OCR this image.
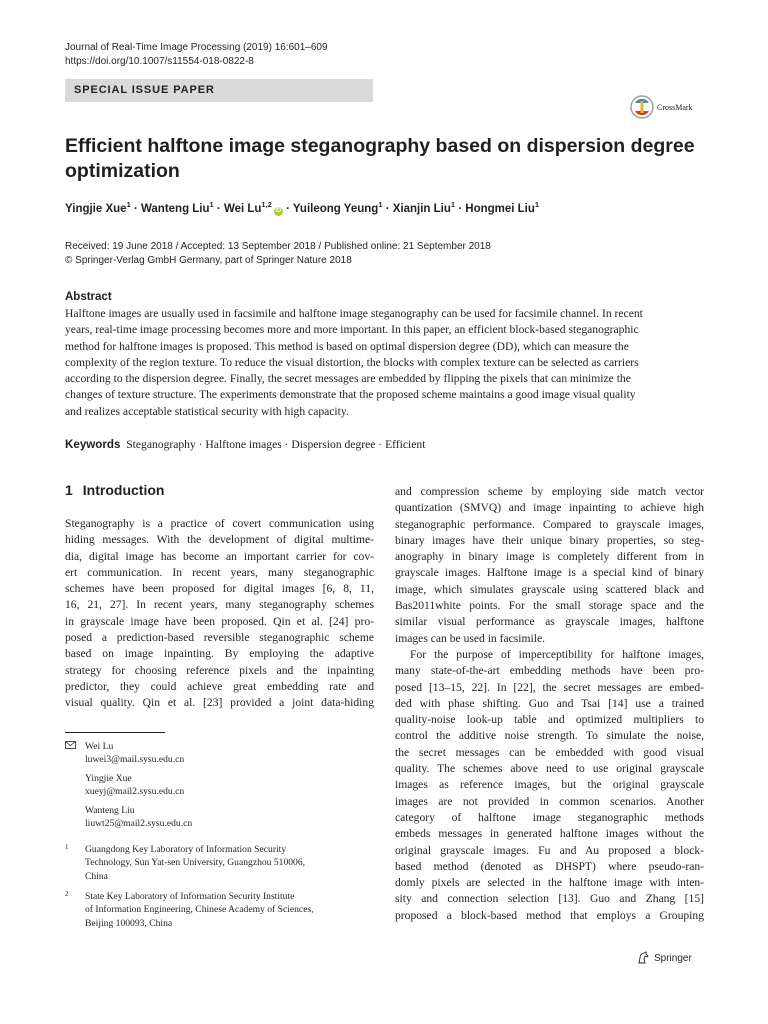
Journal of Real-Time Image Processing (2019) 16:601–609
https://doi.org/10.1007/s11554-018-0822-8
SPECIAL ISSUE PAPER
CrossMark
Efficient halftone image steganography based on dispersion degree
optimization
Yingjie Xue$^1$ · Wanteng Liu$^1$ · Wei Lu$^{1,2}$iD · Yuileong Yeung$^1$ · Xianjin Liu$^1$ · Hongmei Liu$^1$
Received: 19 June 2018 / Accepted: 13 September 2018 / Published online: 21 September 2018
© Springer-Verlag GmbH Germany, part of Springer Nature 2018
Abstract

Halftone images are usually used in facsimile and halftone image steganography can be used for facsimile channel. In recent

years, real-time image processing becomes more and more important. In this paper, an efficient block-based steganographic

method for halftone images is proposed. This method is based on optimal dispersion degree (DD), which can measure the

complexity of the region texture. To reduce the visual distortion, the blocks with complex texture can be selected as carriers

according to the dispersion degree. Finally, the secret messages are embedded by flipping the pixels that can minimize the

changes of texture structure. The experiments demonstrate that the proposed scheme maintains a good image visual quality

and realizes acceptable statistical security with high capacity.

Keywords Steganography · Halftone images · Dispersion degree · Efficient
1 Introduction

Steganography is a practice of covert communication using

hiding messages. With the development of digital multime-

dia, digital image has become an important carrier for cov-

ert communication. In recent years, many steganographic

schemes have been proposed for digital images [6, 8, 11,

16, 21, 27]. In recent years, many steganography schemes

in grayscale image have been proposed. Qin et al. [24] pro-

posed a prediction-based reversible steganographic scheme

based on image inpainting. By employing the adaptive

strategy for choosing reference pixels and the inpainting

predictor, they could achieve great embedding rate and

visual quality. Qin et al. [23] provided a joint data-hiding

and compression scheme by employing side match vector

quantization (SMVQ) and image inpainting to achieve high

steganographic performance. Compared to grayscale images,

binary images have their unique binary properties, so steg-

anography in binary image is completely different from in

grayscale images. Halftone image is a special kind of binary

image, which simulates grayscale using scattered black and

Bas2011white points. For the small storage space and the

similar visual performance as grayscale images, halftone

images can be used in facsimile.

For the purpose of imperceptibility for halftone images,

many state-of-the-art embedding methods have been pro-

posed [13–15, 22]. In [22], the secret messages are embed-

ded with phase shifting. Guo and Tsai [14] use a trained

quality-noise look-up table and optimized multipliers to

control the additive noise strength. To simulate the noise,

the secret messages can be embedded with good visual

quality. The schemes above need to use original grayscale

images as reference images, but the original grayscale

images are not provided in common scenarios. Another

category of halftone image steganographic methods

embeds messages in generated halftone images without the

original grayscale images. Fu and Au proposed a block-

based method (denoted as DHSPT) where pseudo-ran-

domly pixels are selected in the halftone image with inten-

sity and connection selection [13]. Guo and Zhang [15]

proposed a block-based method that employs a Grouping

Wei Lu
luwei3@mail.sysu.edu.cn
Yingjie Xue
xueyj@mail2.sysu.edu.cn
Wanteng Liu
liuwt25@mail2.sysu.edu.cn
1	Guangdong Key Laboratory of Information Security
Technology, Sun Yat-sen University, Guangzhou 510006,
China
2	State Key Laboratory of Information Security Institute
of Information Engineering, Chinese Academy of Sciences,
Beijing 100093, China
Springer
